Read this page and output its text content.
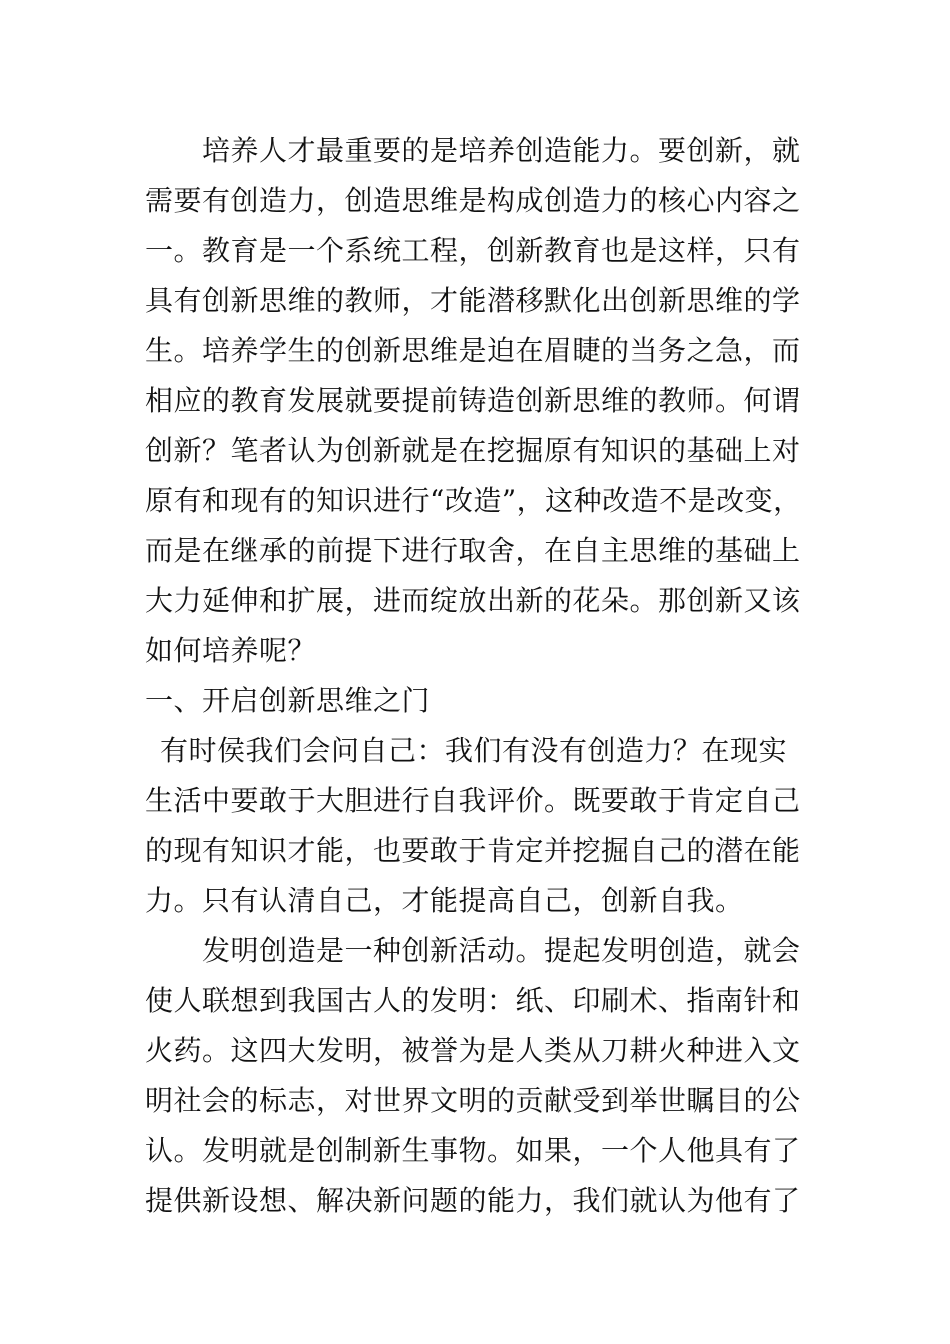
培养人才最重要的是培养创造能力。要创新，就
需要有创造力，创造思维是构成创造力的核心内容之
一。教育是一个系统工程，创新教育也是这样，只有
具有创新思维的教师，才能潜移默化出创新思维的学
生。培养学生的创新思维是迫在眉睫的当务之急，而
相应的教育发展就要提前铸造创新思维的教师。何谓
创新？笔者认为创新就是在挖掘原有知识的基础上对
原有和现有的知识进行“改造”，这种改造不是改变，
而是在继承的前提下进行取舍，在自主思维的基础上
大力延伸和扩展，进而绽放出新的花朵。那创新又该
如何培养呢？
一、开启创新思维之门
有时侯我们会问自己：我们有没有创造力？在现实
生活中要敢于大胆进行自我评价。既要敢于肯定自己
的现有知识才能，也要敢于肯定并挖掘自己的潜在能
力。只有认清自己，才能提高自己，创新自我。
发明创造是一种创新活动。提起发明创造，就会
使人联想到我国古人的发明：纸、印刷术、指南针和
火药。这四大发明，被誉为是人类从刀耕火种进入文
明社会的标志，对世界文明的贡献受到举世瞩目的公
认。发明就是创制新生事物。如果，一个人他具有了
提供新设想、解决新问题的能力，我们就认为他有了
